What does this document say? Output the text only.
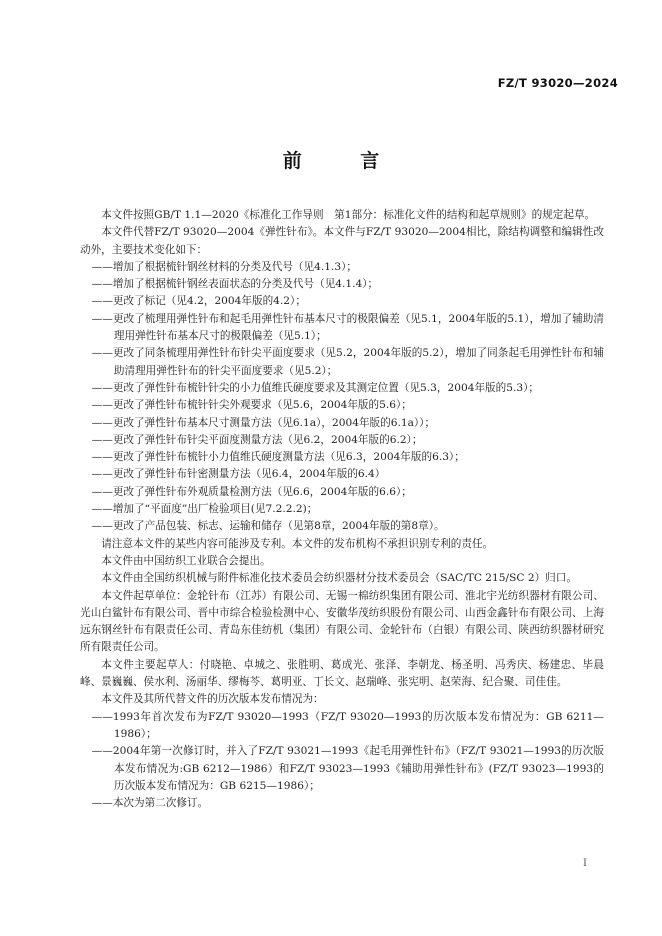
FZ/T 93020—2024
前 言

本文件按照GB/T 1.1—2020《标准化工作导则　第1部分：标准化文件的结构和起草规则》的规定起草。

本文件代替FZ/T 93020—2004《弹性针布》。本文件与FZ/T 93020—2004相比，除结构调整和编辑性改动外，主要技术变化如下：

——增加了根据梳针钢丝材料的分类及代号（见4.1.3）；

——增加了根据梳针钢丝表面状态的分类及代号（见4.1.4）；

——更改了标记（见4.2，2004年版的4.2）；

——更改了梳理用弹性针布和起毛用弹性针布基本尺寸的极限偏差（见5.1，2004年版的5.1），增加了辅助清理用弹性针布基本尺寸的极限偏差（见5.1）；

——更改了同条梳理用弹性针布针尖平面度要求（见5.2，2004年版的5.2），增加了同条起毛用弹性针布和辅助清理用弹性针布的针尖平面度要求（见5.2）；

——更改了弹性针布梳针针尖的小力值维氏硬度要求及其测定位置（见5.3，2004年版的5.3）；

——更改了弹性针布梳针针尖外观要求（见5.6，2004年版的5.6）；

——更改了弹性针布基本尺寸测量方法（见6.1a），2004年版的6.1a））；

——更改了弹性针布针尖平面度测量方法（见6.2，2004年版的6.2）；

——更改了弹性针布梳针小力值维氏硬度测量方法（见6.3，2004年版的6.3）；

——更改了弹性针布针密测量方法（见6.4，2004年版的6.4）

——更改了弹性针布外观质量检测方法（见6.6，2004年版的6.6）；

——增加了“平面度”出厂检验项目(见7.2.2.2)；

——更改了产品包装、标志、运输和储存（见第8章，2004年版的第8章）。

请注意本文件的某些内容可能涉及专利。本文件的发布机构不承担识别专利的责任。

本文件由中国纺织工业联合会提出。

本文件由全国纺织机械与附件标准化技术委员会纺织器材分技术委员会（SAC/TC 215/SC 2）归口。

本文件起草单位：金轮针布（江苏）有限公司、无锡一棉纺织集团有限公司、淮北宇光纺织器材有限公司、光山白鲨针布有限公司、晋中市综合检验检测中心、安徽华茂纺织股份有限公司、山西金鑫针布有限公司、上海远东钢丝针布有限责任公司、青岛东佳纺机（集团）有限公司、金轮针布（白银）有限公司、陕西纺织器材研究所有限责任公司。

本文件主要起草人：付晓艳、卓城之、张胜明、葛成光、张泽、李朝龙、杨圣明、冯秀庆、杨建忠、毕晨峰、景巍巍、侯水利、汤丽华、缪梅芩、葛明亚、丁长文、赵瑞峰、张宪明、赵荣海、纪合聚、司佳佳。

本文件及其所代替文件的历次版本发布情况为：

——1993年首次发布为FZ/T 93020—1993（FZ/T 93020—1993的历次版本发布情况为：GB 6211—1986）；

——2004年第一次修订时，并入了FZ/T 93021—1993《起毛用弹性针布》（FZ/T 93021—1993的历次版本发布情况为:GB 6212—1986）和FZ/T 93023—1993《辅助用弹性针布》(FZ/T 93023—1993的历次版本发布情况为：GB 6215—1986）；

——本次为第二次修订。

I
